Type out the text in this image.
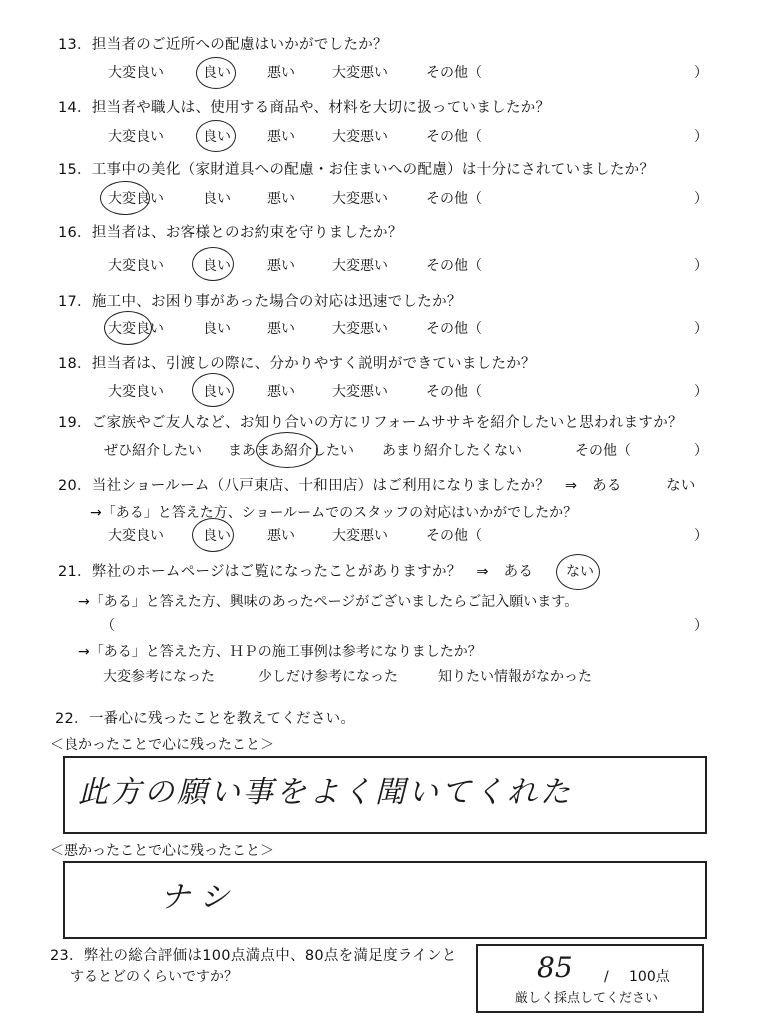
13．担当者のご近所への配慮はいかがでしたか？
大変良い	良い	悪い	大変悪い	その他（	）
14．担当者や職人は、使用する商品や、材料を大切に扱っていましたか？
大変良い	良い	悪い	大変悪い	その他（	）
15．工事中の美化（家財道具への配慮・お住まいへの配慮）は十分にされていましたか？
大変良い	良い	悪い	大変悪い	その他（	）
16．担当者は、お客様とのお約束を守りましたか？
大変良い	良い	悪い	大変悪い	その他（	）
17．施工中、お困り事があった場合の対応は迅速でしたか？
大変良い	良い	悪い	大変悪い	その他（	）
18．担当者は、引渡しの際に、分かりやすく説明ができていましたか？
大変良い	良い	悪い	大変悪い	その他（	）
19．ご家族やご友人など、お知り合いの方にリフォームササキを紹介したいと思われますか？
ぜひ紹介したい まあまあ紹介したい あまり紹介したくない	その他（	）
20．当社ショールーム（八戸東店、十和田店）はご利用になりましたか？　⇒　ある　　　ない
→「ある」と答えた方、ショールームでのスタッフの対応はいかがでしたか？
大変良い	良い	悪い	大変悪い	その他（	）
21．弊社のホームページはご覧になったことがありますか？　⇒　ある ない
→「ある」と答えた方、興味のあったページがございましたらご記入願います。
（	）
→「ある」と答えた方、ＨＰの施工事例は参考になりましたか？
大変参考になった	少しだけ参考になった	知りたい情報がなかった
22．一番心に残ったことを教えてください。
＜良かったことで心に残ったこと＞
此方の願い事をよく聞いてくれた
＜悪かったことで心に残ったこと＞
ナシ
23．弊社の総合評価は100点満点中、80点を満足度ラインと
するとどのくらいですか？	85 / 100点
厳しく採点してください
